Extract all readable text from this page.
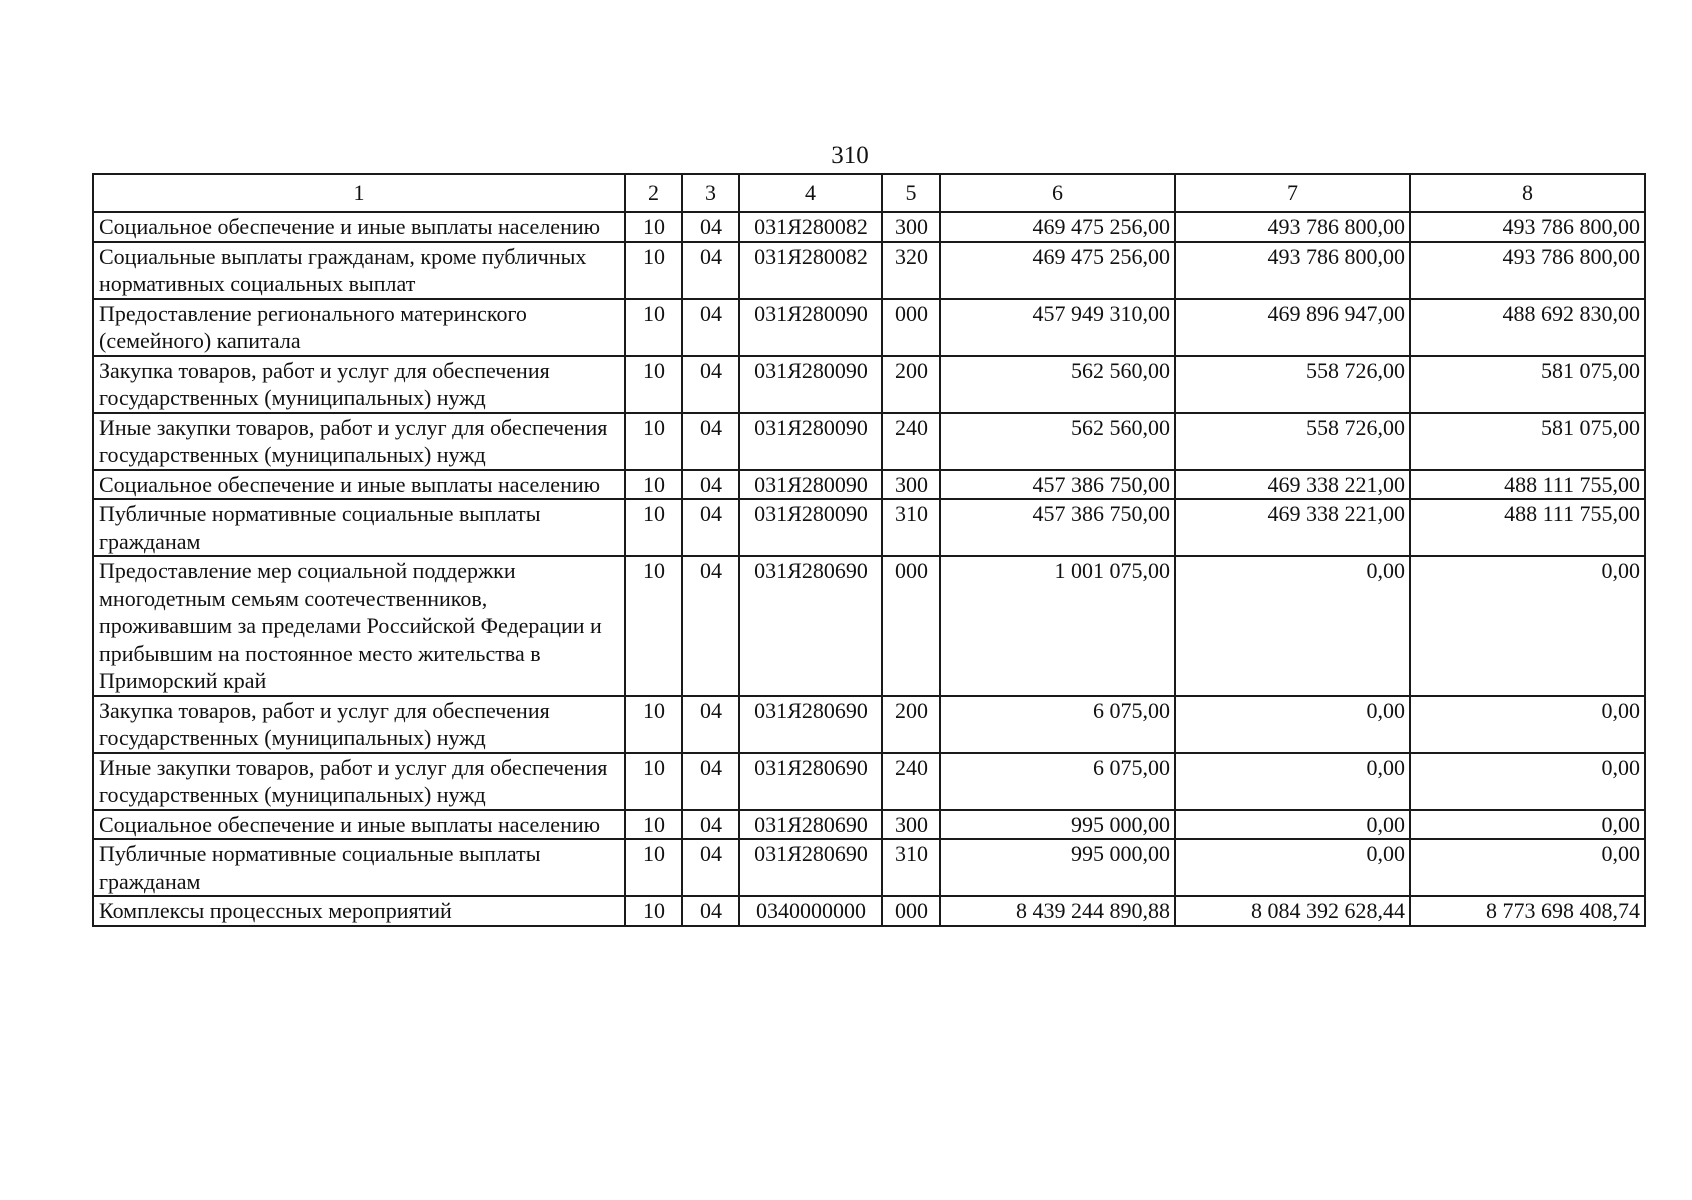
310
1	2	3	4	5	6	7	8
Социальное обеспечение и иные выплаты населению	10	04	031Я280082	300	469 475 256,00	493 786 800,00	493 786 800,00
Социальные выплаты гражданам, кроме публичных нормативных социальных выплат	10	04	031Я280082	320	469 475 256,00	493 786 800,00	493 786 800,00
Предоставление регионального материнского (семейного) капитала	10	04	031Я280090	000	457 949 310,00	469 896 947,00	488 692 830,00
Закупка товаров, работ и услуг для обеспечения государственных (муниципальных) нужд	10	04	031Я280090	200	562 560,00	558 726,00	581 075,00
Иные закупки товаров, работ и услуг для обеспечения государственных (муниципальных) нужд	10	04	031Я280090	240	562 560,00	558 726,00	581 075,00
Социальное обеспечение и иные выплаты населению	10	04	031Я280090	300	457 386 750,00	469 338 221,00	488 111 755,00
Публичные нормативные социальные выплаты гражданам	10	04	031Я280090	310	457 386 750,00	469 338 221,00	488 111 755,00
Предоставление мер социальной поддержки многодетным семьям соотечественников, проживавшим за пределами Российской Федерации и прибывшим на постоянное место жительства в Приморский край	10	04	031Я280690	000	1 001 075,00	0,00	0,00
Закупка товаров, работ и услуг для обеспечения государственных (муниципальных) нужд	10	04	031Я280690	200	6 075,00	0,00	0,00
Иные закупки товаров, работ и услуг для обеспечения государственных (муниципальных) нужд	10	04	031Я280690	240	6 075,00	0,00	0,00
Социальное обеспечение и иные выплаты населению	10	04	031Я280690	300	995 000,00	0,00	0,00
Публичные нормативные социальные выплаты гражданам	10	04	031Я280690	310	995 000,00	0,00	0,00
Комплексы процессных мероприятий	10	04	0340000000	000	8 439 244 890,88	8 084 392 628,44	8 773 698 408,74
